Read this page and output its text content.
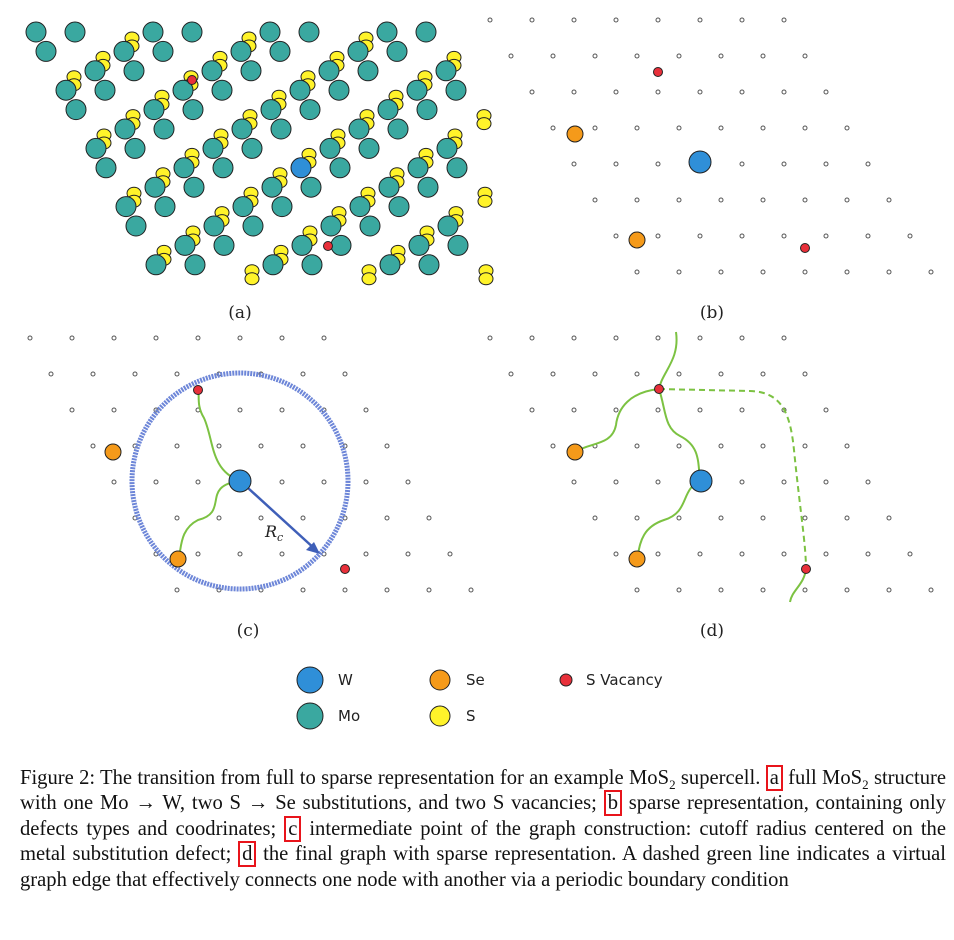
$R_c$
(a)	(b)
(c)	(d)
W
Mo
Se
S
S Vacancy
Figure 2: The transition from full to sparse representation for an example MoS$_2$ supercell. a full MoS$_2$ structure with one Mo → W, two S → Se substitutions, and two S vacancies; b sparse representation, containing only defects types and coodrinates; c intermediate point of the graph construction: cutoff radius centered on the metal substitution defect; d the final graph with sparse representation. A dashed green line indicates a virtual graph edge that effectively connects one node with another via a periodic boundary condition
